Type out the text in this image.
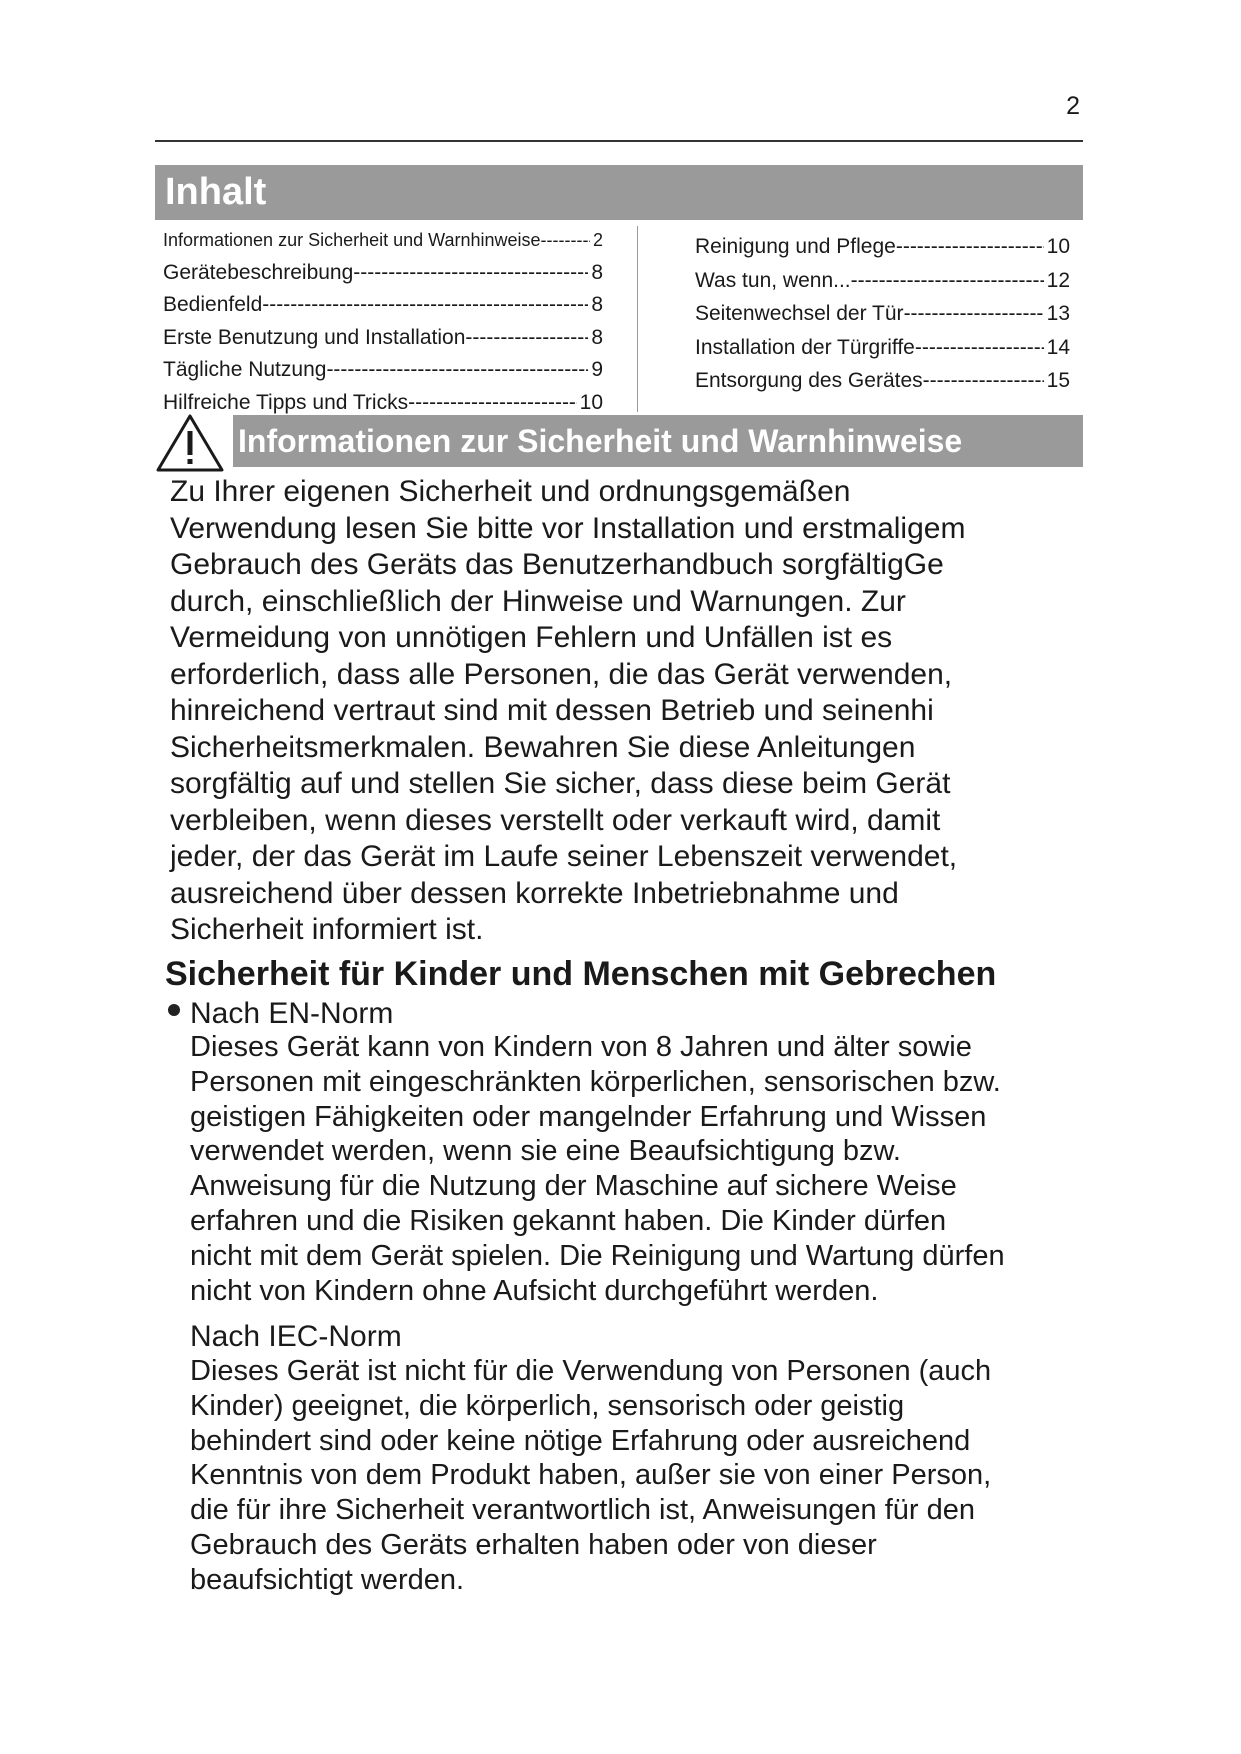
2
Inhalt
Informationen zur Sicherheit und Warnhinweise -----	2
Gerätebeschreibung -----	8
Bedienfeld -----	8
Erste Benutzung und Installation -----	8
Tägliche Nutzung -----	9
Hilfreiche Tipps und Tricks -----	10
Reinigung und Pflege -----	10
Was tun, wenn... -----	12
Seitenwechsel der Tür -----	13
Installation der Türgriffe -----	14
Entsorgung des Gerätes -----	15
Informationen zur Sicherheit und Warnhinweise

Zu Ihrer eigenen Sicherheit und ordnungsgemäßen
Verwendung lesen Sie bitte vor Installation und erstmaligem
Gebrauch des Geräts das Benutzerhandbuch sorgfältigGe
durch, einschließlich der Hinweise und Warnungen. Zur
Vermeidung von unnötigen Fehlern und Unfällen ist es
erforderlich, dass alle Personen, die das Gerät verwenden,
hinreichend vertraut sind mit dessen Betrieb und seinenhi
Sicherheitsmerkmalen. Bewahren Sie diese Anleitungen
sorgfältig auf und stellen Sie sicher, dass diese beim Gerät
verbleiben, wenn dieses verstellt oder verkauft wird, damit
jeder, der das Gerät im Laufe seiner Lebenszeit verwendet,
ausreichend über dessen korrekte Inbetriebnahme und
Sicherheit informiert ist.

Sicherheit für Kinder und Menschen mit Gebrechen
Nach EN-Norm
Dieses Gerät kann von Kindern von 8 Jahren und älter sowie
Personen mit eingeschränkten körperlichen, sensorischen bzw.
geistigen Fähigkeiten oder mangelnder Erfahrung und Wissen
verwendet werden, wenn sie eine Beaufsichtigung bzw.
Anweisung für die Nutzung der Maschine auf sichere Weise
erfahren und die Risiken gekannt haben. Die Kinder dürfen
nicht mit dem Gerät spielen. Die Reinigung und Wartung dürfen
nicht von Kindern ohne Aufsicht durchgeführt werden.
Nach IEC-Norm
Dieses Gerät ist nicht für die Verwendung von Personen (auch
Kinder) geeignet, die körperlich, sensorisch oder geistig
behindert sind oder keine nötige Erfahrung oder ausreichend
Kenntnis von dem Produkt haben, außer sie von einer Person,
die für ihre Sicherheit verantwortlich ist, Anweisungen für den
Gebrauch des Geräts erhalten haben oder von dieser
beaufsichtigt werden.
